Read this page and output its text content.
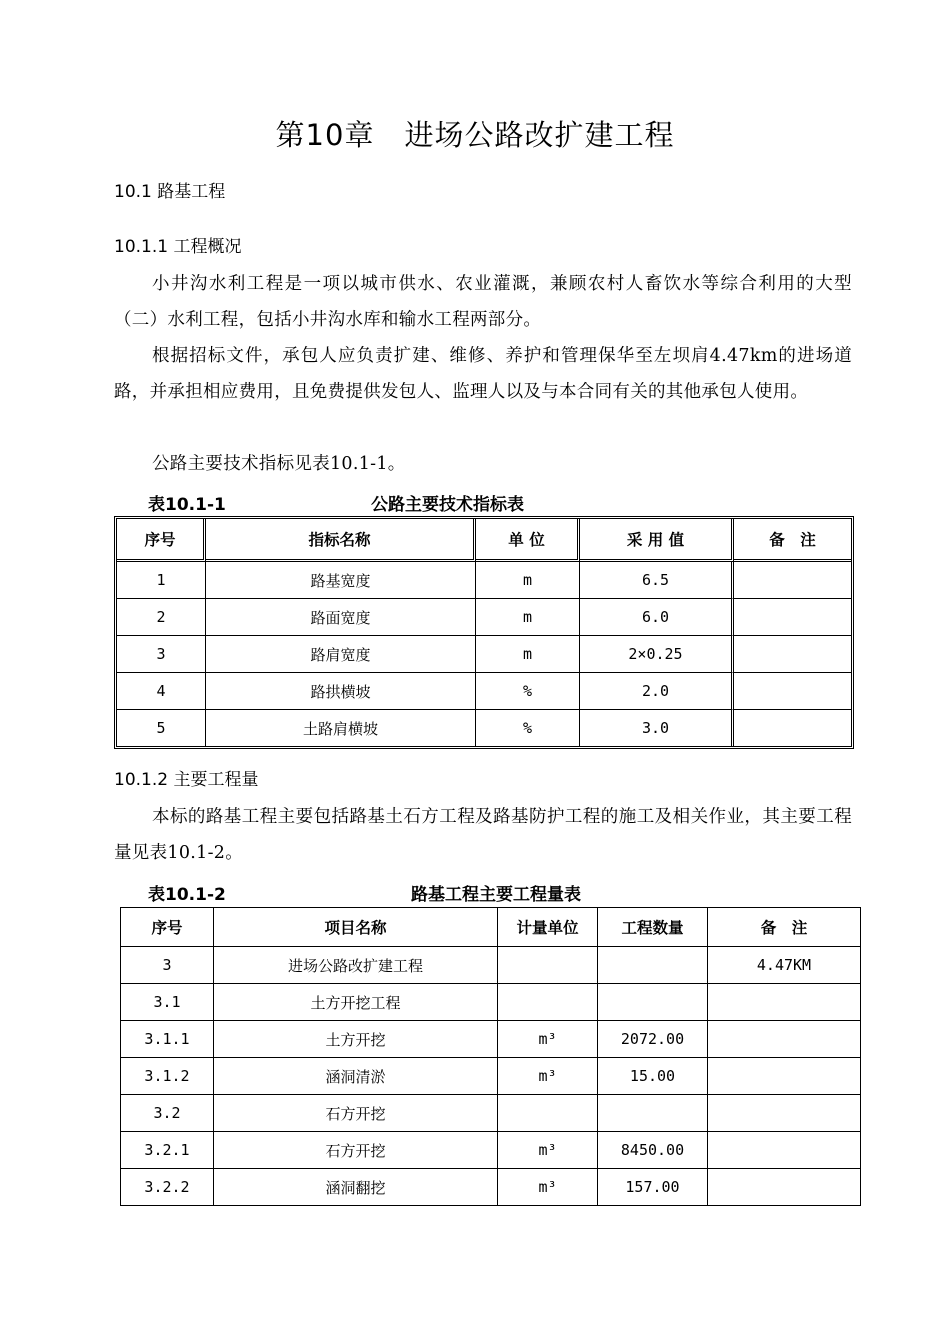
第10章　进场公路改扩建工程
10.1 路基工程
10.1.1 工程概况

小井沟水利工程是一项以城市供水、农业灌溉，兼顾农村人畜饮水等综合利用的大型（二）水利工程，包括小井沟水库和输水工程两部分。

根据招标文件，承包人应负责扩建、维修、养护和管理保华至左坝肩4.47km的进场道路，并承担相应费用，且免费提供发包人、监理人以及与本合同有关的其他承包人使用。

公路主要技术指标见表10.1-1。

表10.1-1	公路主要技术指标表
序号	指标名称	单 位	采 用 值	备　注
1	路基宽度	m	6.5	
2	路面宽度	m	6.0	
3	路肩宽度	m	2×0.25	
4	路拱横坡	%	2.0	
5	土路肩横坡	%	3.0	
10.1.2 主要工程量

本标的路基工程主要包括路基土石方工程及路基防护工程的施工及相关作业，其主要工程量见表10.1-2。

表10.1-2	路基工程主要工程量表
序号	项目名称	计量单位	工程数量	备　注
3	进场公路改扩建工程			4.47KM
3.1	土方开挖工程			
3.1.1	土方开挖	m³	2072.00	
3.1.2	涵洞清淤	m³	15.00	
3.2	石方开挖			
3.2.1	石方开挖	m³	8450.00	
3.2.2	涵洞翻挖	m³	157.00	
